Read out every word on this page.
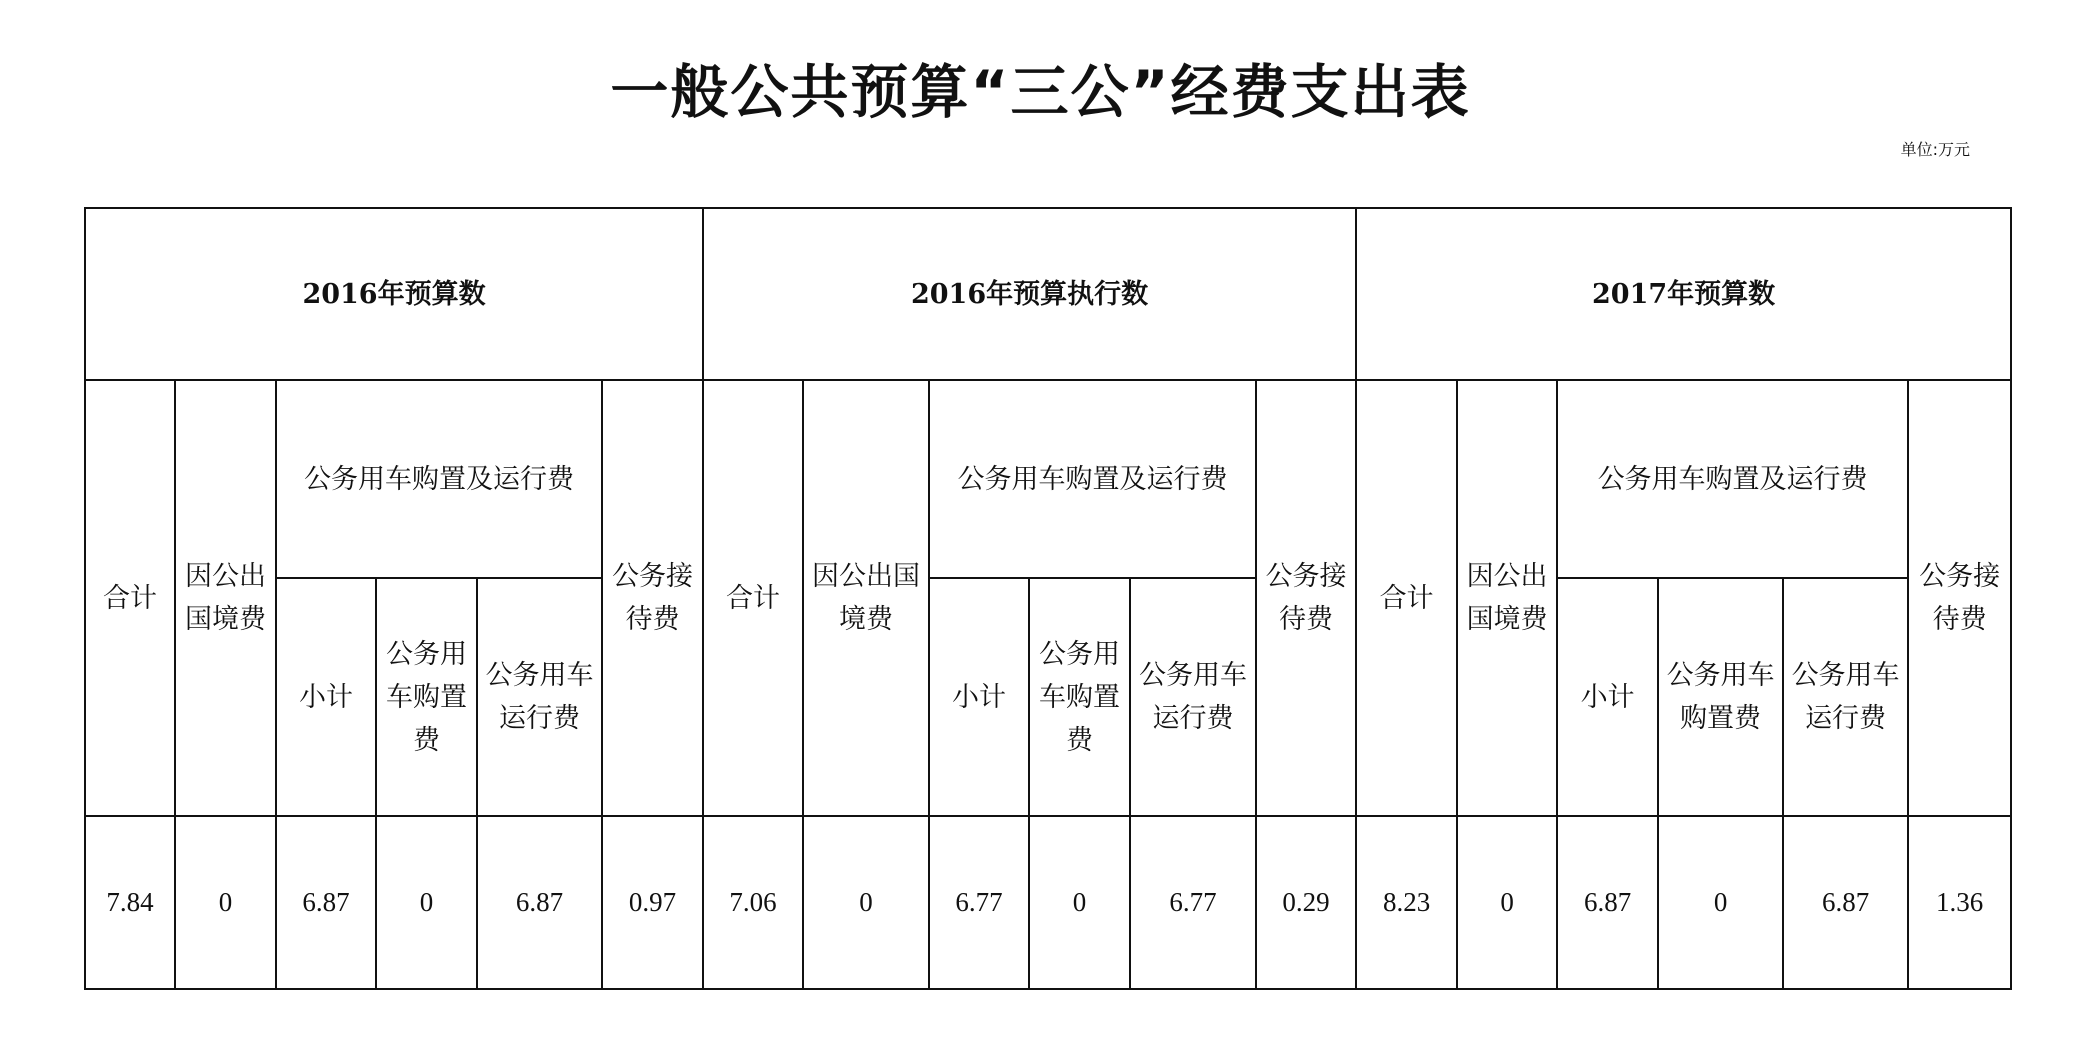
一般公共预算“三公”经费支出表
单位:万元
2016年预算数						2016年预算执行数						2017年预算数					
合计	因公出国境费	公务用车购置及运行费			公务接待费	合计	因公出国境费	公务用车购置及运行费			公务接待费	合计	因公出国境费	公务用车购置及运行费			公务接待费
		小计	公务用车购置费	公务用车运行费				小计	公务用车购置费	公务用车运行费				小计	公务用车购置费	公务用车运行费	
7.84	0	6.87	0	6.87	0.97	7.06	0	6.77	0	6.77	0.29	8.23	0	6.87	0	6.87	1.36
